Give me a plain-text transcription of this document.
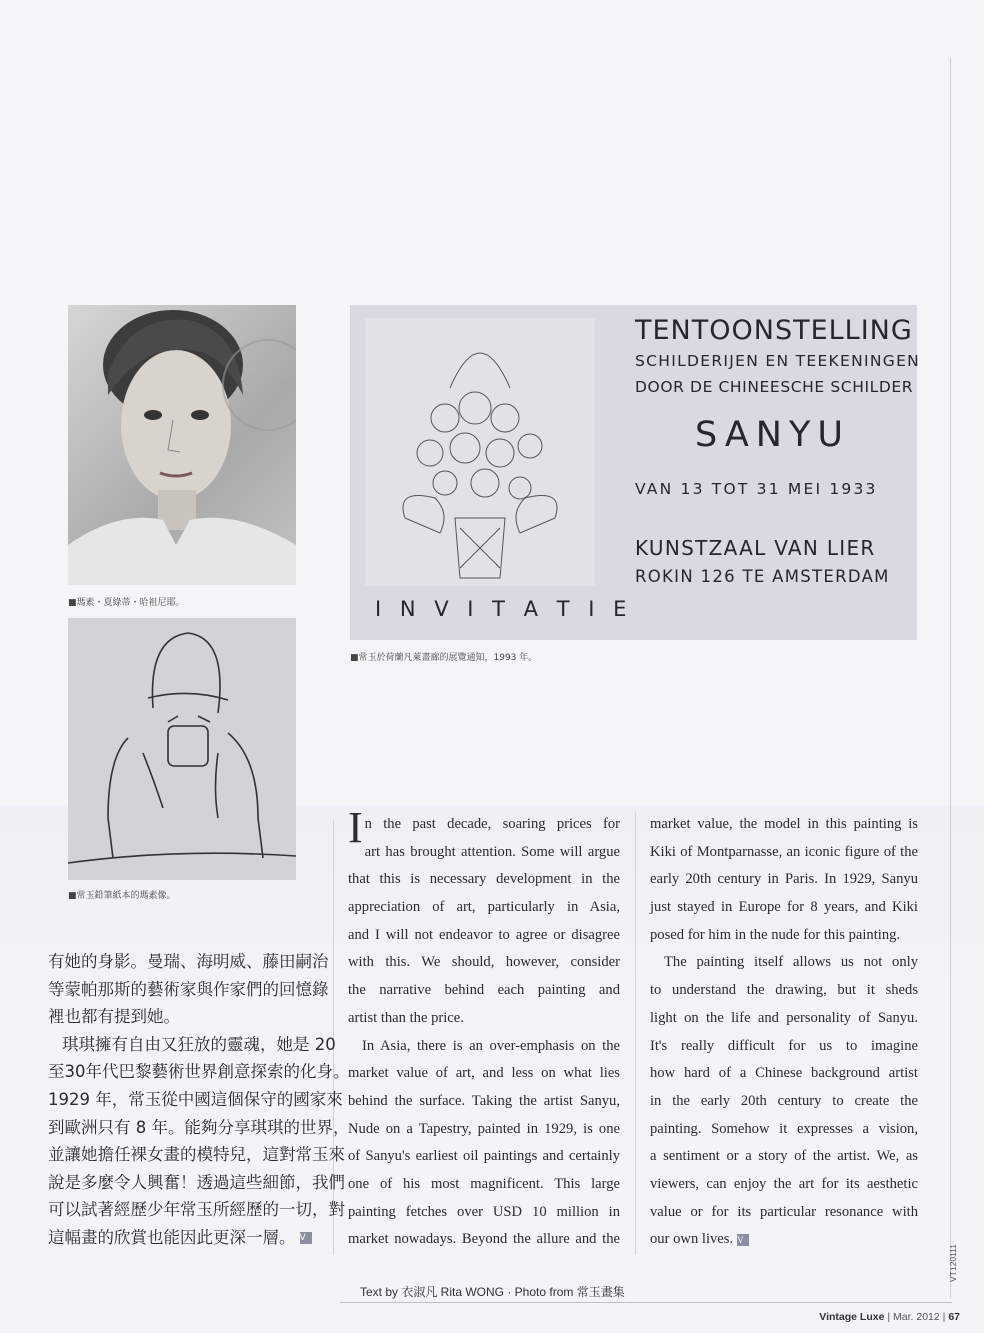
■瑪素・夏綠蒂・哈祖尼耶。
■常玉鉛筆紙本的瑪素像。
TENTOONSTELLING
SCHILDERIJEN EN TEEKENINGEN
DOOR DE CHINEESCHE SCHILDER
SANYU
VAN 13 TOT 31 MEI 1933
KUNSTZAAL VAN LIER
ROKIN 126 TE AMSTERDAM
I N V I T A T I E
■常玉於荷蘭凡萊畫廊的展覽通知，1993 年。
有她的身影。曼瑞、海明威、藤田嗣治
等蒙帕那斯的藝術家與作家們的回憶錄
裡也都有提到她。
琪琪擁有自由又狂放的靈魂，她是 20
至30年代巴黎藝術世界創意探索的化身。
1929 年，常玉從中國這個保守的國家來
到歐洲只有 8 年。能夠分享琪琪的世界，
並讓她擔任裸女畫的模特兒，這對常玉來
說是多麼令人興奮！透過這些細節，我們
可以試著經歷少年常玉所經歷的一切，對
這幅畫的欣賞也能因此更深一層。 V
In the past decade, soaring prices for
art has brought attention. Some will argue
that this is necessary development in the
appreciation of art, particularly in Asia,
and I will not endeavor to agree or disagree
with this. We should, however, consider
the narrative behind each painting and
artist than the price.
In Asia, there is an over-emphasis on the
market value of art, and less on what lies
behind the surface. Taking the artist Sanyu,
Nude on a Tapestry, painted in 1929, is one
of Sanyu's earliest oil paintings and certainly
one of his most magnificent. This large
painting fetches over USD 10 million in
market nowadays. Beyond the allure and the
market value, the model in this painting is
Kiki of Montparnasse, an iconic figure of the
early 20th century in Paris. In 1929, Sanyu
just stayed in Europe for 8 years, and Kiki
posed for him in the nude for this painting.
The painting itself allows us not only
to understand the drawing, but it sheds
light on the life and personality of Sanyu.
It's really difficult for us to imagine
how hard of a Chinese background artist
in the early 20th century to create the
painting. Somehow it expresses a vision,
a sentiment or a story of the artist. We, as
viewers, can enjoy the art for its aesthetic
value or for its particular resonance with
our own lives. V
Text by 衣淑凡 Rita WONG · Photo from 常玉畫集
Vintage Luxe | Mar. 2012 | 67
VT120111
